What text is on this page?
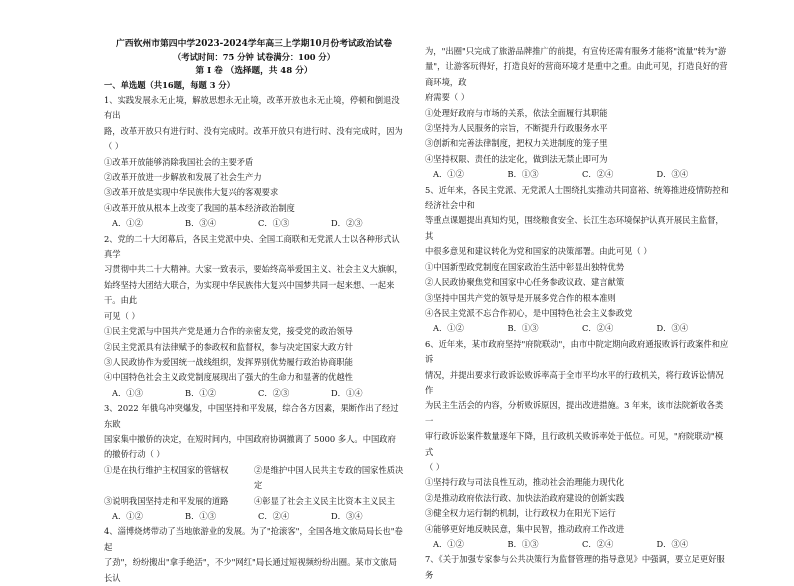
广西钦州市第四中学2023-2024学年高三上学期10月份考试政治试卷

（考试时间：75 分钟 试卷满分：100 分）

第 I 卷 （选择题，共 48 分）

一、单选题（共16题，每题 3 分）

1、实践发展永无止境，解放思想永无止境，改革开放也永无止境，停顿和倒退没有出

路，改革开放只有进行时、没有完成时。改革开放只有进行时、没有完成时，因为

（ ）

①改革开放能够消除我国社会的主要矛盾

②改革开放进一步解放和发展了社会生产力

③改革开放是实现中华民族伟大复兴的客观要求

④改革开放从根本上改变了我国的基本经济政治制度

A．①②	B．③④	C．①③	D．②③

2、党的二十大闭幕后，各民主党派中央、全国工商联和无党派人士以各种形式认真学

习贯彻中共二十大精神。大家一致表示，要始终高举爱国主义、社会主义大旗帜，

始终坚持大团结大联合，为实现中华民族伟大复兴中国梦共同一起来想、一起来干。由此

可见（ ）

①民主党派与中国共产党是通力合作的亲密友党，接受党的政治领导

②民主党派具有法律赋予的参政权和监督权，参与决定国家大政方针

③人民政协作为爱国统一战线组织，发挥界别优势履行政治协商职能

④中国特色社会主义政党制度展现出了强大的生命力和显著的优越性

A．①③	B．①②	C．②③	D．①④

3、2022 年俄乌冲突爆发，中国坚持和平发展，综合各方因素，果断作出了经过东欧

国家集中撤侨的决定，在短时间内，中国政府协调撤离了 5000 多人。中国政府的撤侨行动（ ）

①是在执行维护主权国家的管辖权	②是维护中国人民共主专政的国家性质决定
③说明我国坚持走和平发展的道路	④彰显了社会主义民主比资本主义民主
A．①②	B．①③	C．②④	D．③④

4、淄博烧烤带动了当地旅游业的发展。为了"抢滚客"，全国各地文旅局局长也"卷起

了劲"，纷纷搬出"拿手绝活"，不少"网红"局长通过短视频纷纷出圈。某市文旅局长认

为，"出圈"只完成了旅游品牌推广的前提，有宣传还需有服务才能将"流量"转为"游

量"，让游客玩得好，打造良好的营商环境才是重中之重。由此可见，打造良好的营商环境，政

府需要（ ）

①处理好政府与市场的关系，依法全面履行其职能

②坚持为人民服务的宗旨，不断提升行政服务水平

③创新和完善法律制度，把权力关进制度的笼子里

④坚持权限、责任的法定化，做到法无禁止即可为

A．①②	B．①③	C．②④	D．③④

5、近年来，各民主党派、无党派人士围绕扎实推动共同富裕、统筹推进疫情防控和经济社会中和

等重点课题提出真知灼见，围绕粮食安全、长江生态环境保护认真开展民主监督，其

中很多意见和建议转化为党和国家的决策部署。由此可见（ ）

①中国新型政党制度在国家政治生活中彰显出独特优势

②人民政协聚焦党和国家中心任务参政议政、建言献策

③坚持中国共产党的领导是开展多党合作的根本准则

④各民主党派不忘合作初心，是中国特色社会主义参政党

A．①②	B．①③	C．②④	D．③④

6、近年来，某市政府坚持"府院联动"，由市中院定期向政府通报败诉行政案件和应诉

情况，并提出要求行政诉讼败诉率高于全市平均水平的行政机关，将行政诉讼情况作

为民主生活会的内容，分析败诉原因，提出改进措施。3 年来，该市法院新收各类一

审行政诉讼案件数量逐年下降，且行政机关败诉率处于低位。可见，"府院联动"模式

（ ）

①坚持行政与司法良性互动，推动社会治理能力现代化

②是推动政府依法行政、加快法治政府建设的创新实践

③健全权力运行制约机制，让行政权力在阳光下运行

④能够更好地反映民意，集中民智，推动政府工作改进

A．①②	B．①③	C．②④	D．③④

7、《关于加强专家参与公共决策行为监督管理的指导意见》中强调，要立足更好服务
